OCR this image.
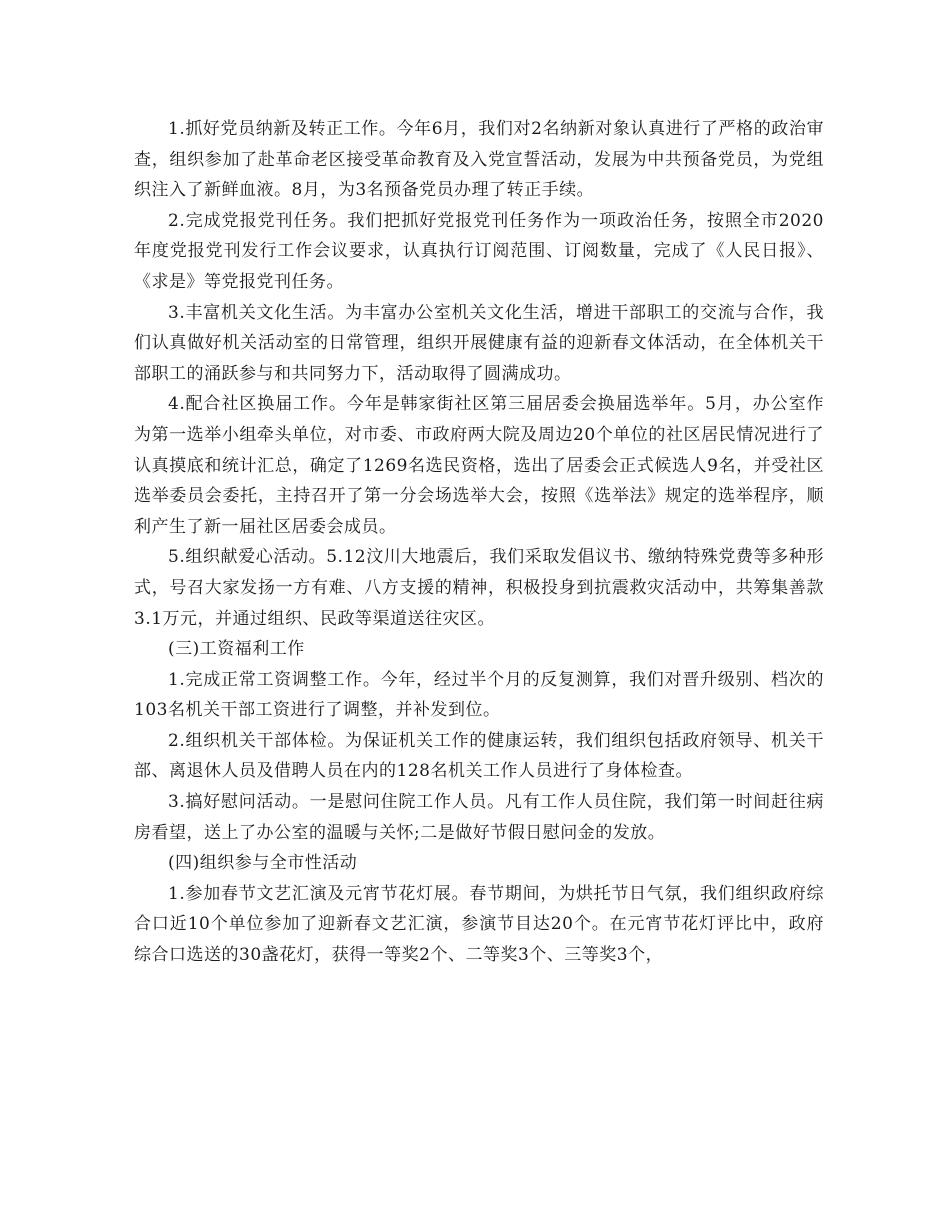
1.抓好党员纳新及转正工作。今年6月，我们对2名纳新对象认真进行了严格的政治审查，组织参加了赴革命老区接受革命教育及入党宣誓活动，发展为中共预备党员，为党组织注入了新鲜血液。8月，为3名预备党员办理了转正手续。

2.完成党报党刊任务。我们把抓好党报党刊任务作为一项政治任务，按照全市2020年度党报党刊发行工作会议要求，认真执行订阅范围、订阅数量，完成了《人民日报》、《求是》等党报党刊任务。

3.丰富机关文化生活。为丰富办公室机关文化生活，增进干部职工的交流与合作，我们认真做好机关活动室的日常管理，组织开展健康有益的迎新春文体活动，在全体机关干部职工的涌跃参与和共同努力下，活动取得了圆满成功。

4.配合社区换届工作。今年是韩家街社区第三届居委会换届选举年。5月，办公室作为第一选举小组牵头单位，对市委、市政府两大院及周边20个单位的社区居民情况进行了认真摸底和统计汇总，确定了1269名选民资格，选出了居委会正式候选人9名，并受社区选举委员会委托，主持召开了第一分会场选举大会，按照《选举法》规定的选举程序，顺利产生了新一届社区居委会成员。

5.组织献爱心活动。5.12汶川大地震后，我们采取发倡议书、缴纳特殊党费等多种形式，号召大家发扬一方有难、八方支援的精神，积极投身到抗震救灾活动中，共筹集善款3.1万元，并通过组织、民政等渠道送往灾区。

(三)工资福利工作

1.完成正常工资调整工作。今年，经过半个月的反复测算，我们对晋升级别、档次的103名机关干部工资进行了调整，并补发到位。

2.组织机关干部体检。为保证机关工作的健康运转，我们组织包括政府领导、机关干部、离退休人员及借聘人员在内的128名机关工作人员进行了身体检查。

3.搞好慰问活动。一是慰问住院工作人员。凡有工作人员住院，我们第一时间赶往病房看望，送上了办公室的温暖与关怀;二是做好节假日慰问金的发放。

(四)组织参与全市性活动

1.参加春节文艺汇演及元宵节花灯展。春节期间，为烘托节日气氛，我们组织政府综合口近10个单位参加了迎新春文艺汇演，参演节目达20个。在元宵节花灯评比中，政府综合口选送的30盏花灯，获得一等奖2个、二等奖3个、三等奖3个，
